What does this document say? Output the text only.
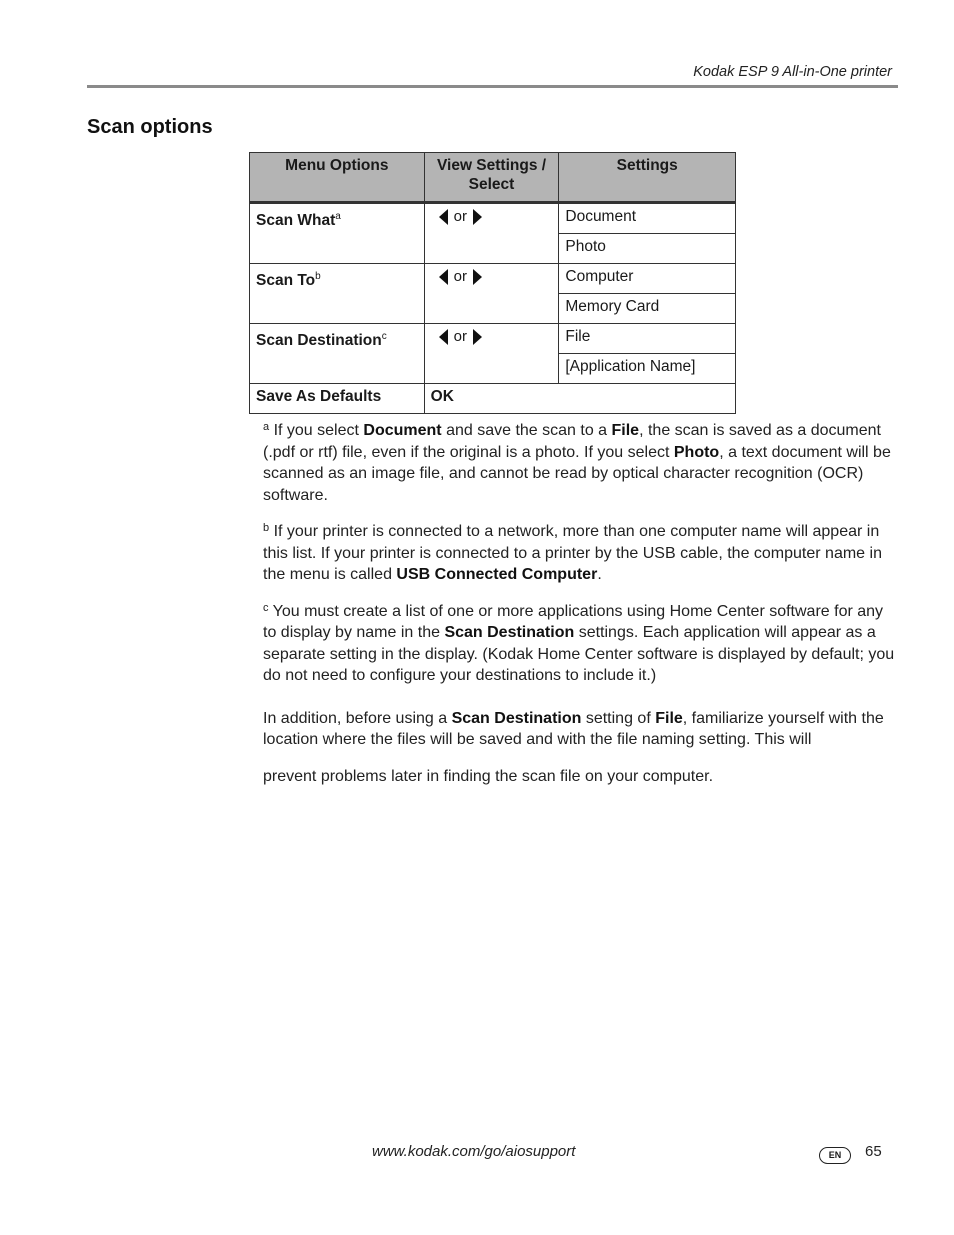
Kodak ESP 9 All-in-One printer
Scan options
Menu Options	View Settings / Select	Settings
Scan What$^a$	or	Document
		Photo
Scan To$^b$	or	Computer
		Memory Card
Scan Destination$^c$	or	File
		[Application Name]
Save As Defaults	OK	

$^a$ If you select Document and save the scan to a File, the scan is saved as a document (.pdf or rtf) file, even if the original is a photo. If you select Photo, a text document will be scanned as an image file, and cannot be read by optical character recognition (OCR) software.

$^b$ If your printer is connected to a network, more than one computer name will appear in this list. If your printer is connected to a printer by the USB cable, the computer name in the menu is called USB Connected Computer.

$^c$ You must create a list of one or more applications using Home Center software for any to display by name in the Scan Destination settings. Each application will appear as a separate setting in the display. (Kodak Home Center software is displayed by default; you do not need to configure your destinations to include it.)

In addition, before using a Scan Destination setting of File, familiarize yourself with the location where the files will be saved and with the file naming setting. This will

prevent problems later in finding the scan file on your computer.

www.kodak.com/go/aiosupport	EN	65
